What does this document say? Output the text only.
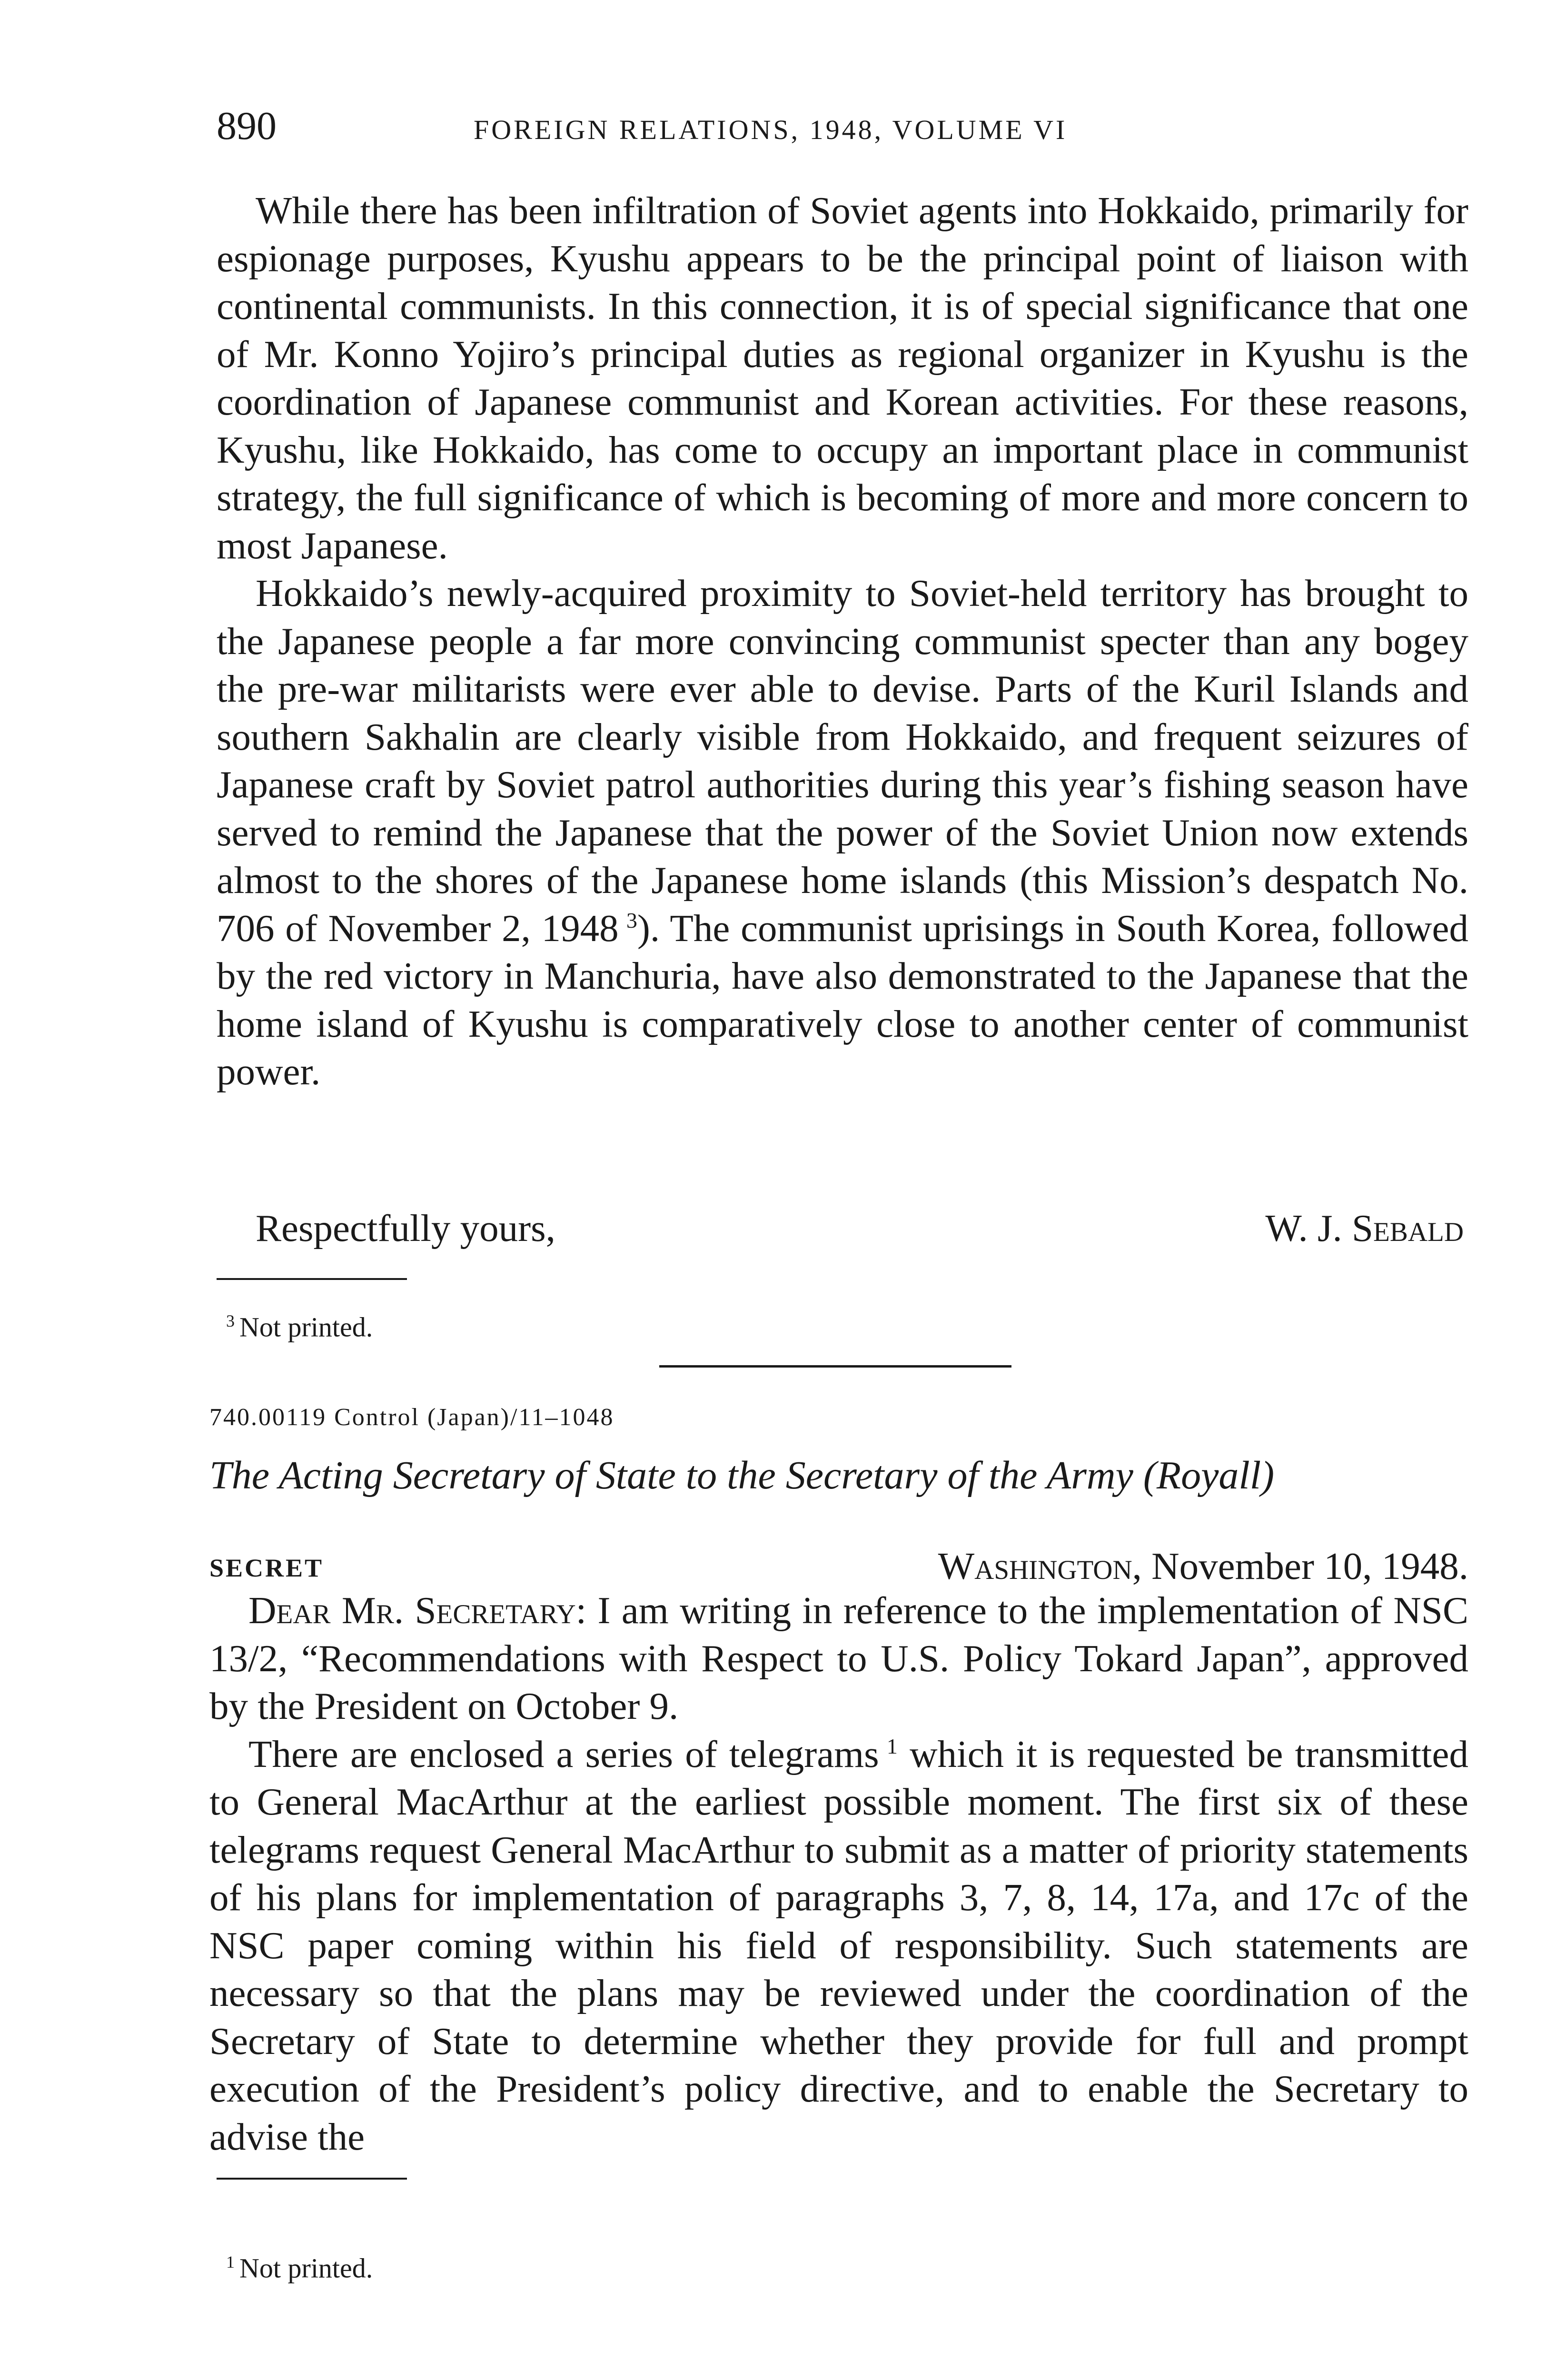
890	FOREIGN RELATIONS, 1948, VOLUME VI

While there has been infiltration of Soviet agents into Hokkaido, primarily for espionage purposes, Kyushu appears to be the principal point of liaison with continental communists. In this connection, it is of special significance that one of Mr. Konno Yojiro’s principal duties as regional organizer in Kyushu is the coordination of Japanese communist and Korean activities. For these reasons, Kyushu, like Hokkaido, has come to occupy an important place in communist strategy, the full significance of which is becoming of more and more concern to most Japanese.

Hokkaido’s newly-acquired proximity to Soviet-held territory has brought to the Japanese people a far more convincing communist specter than any bogey the pre-war militarists were ever able to devise. Parts of the Kuril Islands and southern Sakhalin are clearly visible from Hokkaido, and frequent seizures of Japanese craft by Soviet patrol authorities during this year’s fishing season have served to remind the Japanese that the power of the Soviet Union now extends almost to the shores of the Japanese home islands (this Mission’s despatch No. 706 of November 2, 1948  $^3$). The communist uprisings in South Korea, followed by the red victory in Manchuria, have also demonstrated to the Japanese that the home island of Kyushu is comparatively close to another center of communist power.

Respectfully yours,	W. J. Sebald
$^3$ Not printed.
740.00119 Control (Japan)/11–1048
The Acting Secretary of State to the Secretary of the Army (Royall)
SECRET	Washington, November 10, 1948.

Dear Mr. Secretary: I am writing in reference to the implementation of NSC 13/2, “Recommendations with Respect to U.S. Policy Tokard Japan”, approved by the President on October 9.

There are enclosed a series of telegrams  $^1$ which it is requested be transmitted to General MacArthur at the earliest possible moment. The first six of these telegrams request General MacArthur to submit as a matter of priority statements of his plans for implementation of paragraphs 3, 7, 8, 14, 17a, and 17c of the NSC paper coming within his field of responsibility. Such statements are necessary so that the plans may be reviewed under the coordination of the Secretary of State to determine whether they provide for full and prompt execution of the President’s policy directive, and to enable the Secretary to advise the

$^1$ Not printed.
